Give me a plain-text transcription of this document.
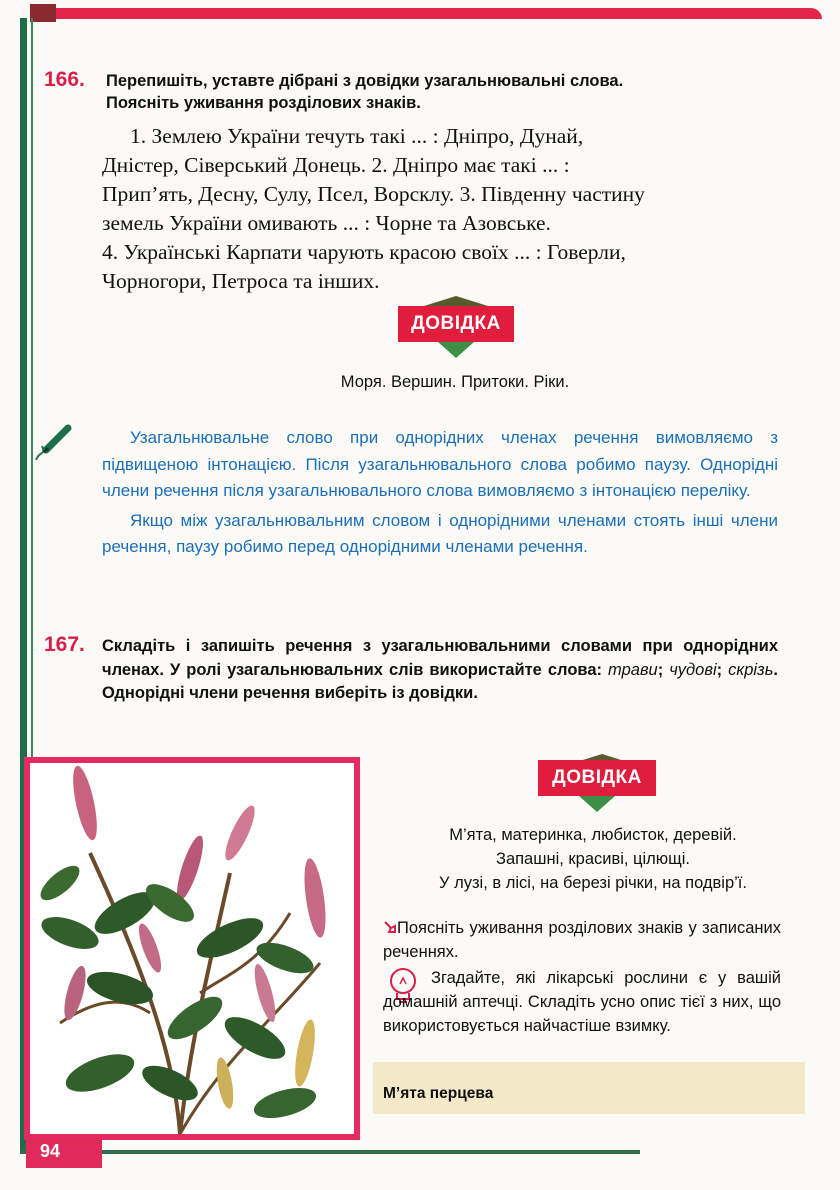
166. Перепишіть, уставте дібрані з довідки узагальнювальні слова.
Поясніть уживання розділових знаків.
1. Землею України течуть такі ... : Дніпро, Дунай,
Дністер, Сіверський Донець. 2. Дніпро має такі ... :
Прип’ять, Десну, Сулу, Псел, Ворсклу. 3. Південну частину
земель України омивають ... : Чорне та Азовське.
4. Українські Карпати чарують красою своїх ... : Говерли,
Чорногори, Петроса та інших.
ДОВІДКА
Моря. Вершин. Притоки. Ріки.

Узагальнювальне слово при однорідних членах речення вимовляємо з підвищеною інтонацією. Після узагальнювального слова робимо паузу. Однорідні члени речення після узагальнювального слова вимовляємо з інтонацією переліку.

Якщо між узагальнювальним словом і однорідними членами стоять інші члени речення, паузу робимо перед однорідними членами речення.

167. Складіть і запишіть речення з узагальнювальними словами при однорідних членах. У ролі узагальнювальних слів використайте слова: трави; чудові; скрізь. Однорідні члени речення виберіть із довідки.
ДОВІДКА
М’ята, материнка, любисток, деревій.
Запашні, красиві, цілющі.
У лузі, в лісі, на березі річки, на подвір’ї.
Поясніть уживання розділових знаків у записаних реченнях.
Згадайте, які лікарські рослини є у вашій домашній аптечці. Складіть усно опис тієї з них, що використовується найчастіше взимку.
М’ята перцева
94
